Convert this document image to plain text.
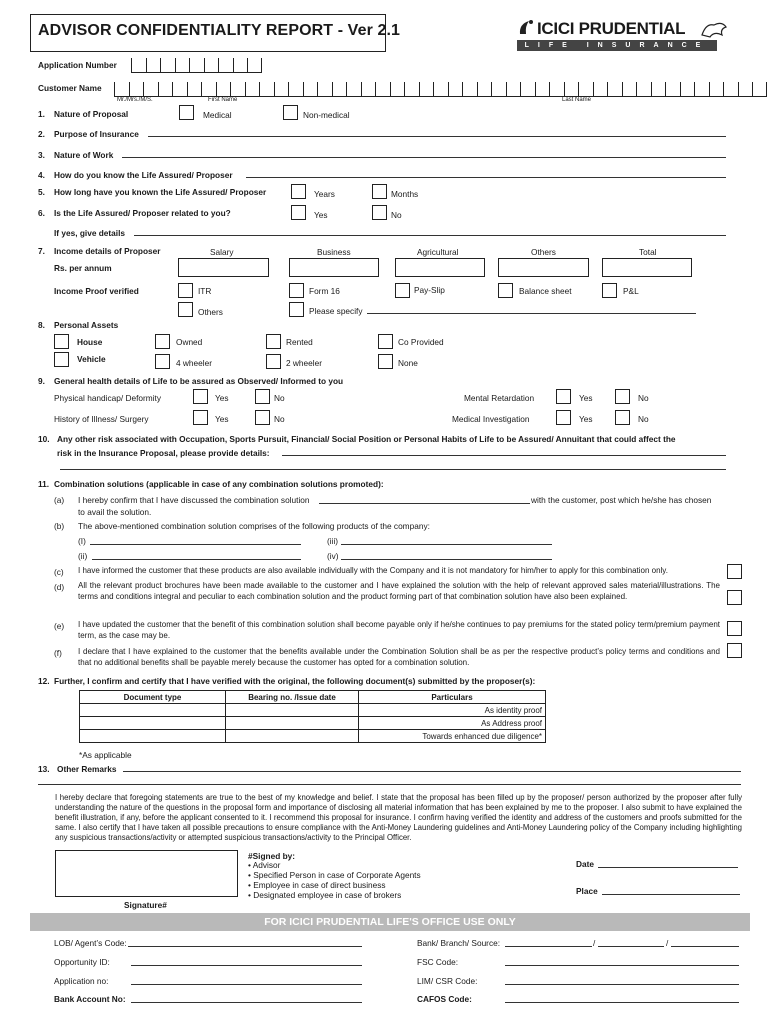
ADVISOR CONFIDENTIALITY REPORT - Ver 2.1	ICICI PRUDENTIAL
LIFE INSURANCE
Application Number
Customer Name
Mr./Mrs./M/S.	First Name	Last Name
1. Nature of Proposal	Medical	Non-medical
2. Purpose of Insurance
3. Nature of Work
4. How do you know the Life Assured/ Proposer
5. How long have you known the Life Assured/ Proposer	Years	Months
6. Is the Life Assured/ Proposer related to you?	Yes	No
If yes, give details
7. Income details of Proposer	Salary	Business	Agricultural	Others	Total
Rs. per annum
Income Proof verified	ITR	Form 16	Pay-Slip	Balance sheet	P&L
Others	Please specify
8. Personal Assets
House	Owned	Rented	Co Provided
Vehicle	4 wheeler	2 wheeler	None
9. General health details of Life to be assured as Observed/ Informed to you
Physical handicap/ Deformity	Yes	No	Mental Retardation	Yes	No
History of Illness/ Surgery	Yes	No	Medical Investigation	Yes	No
10. Any other risk associated with Occupation, Sports Pursuit, Financial/ Social Position or Personal Habits of Life to be Assured/ Annuitant that could affect the
risk in the Insurance Proposal, please provide details:
11. Combination solutions (applicable in case of any combination solutions promoted):
(a) I hereby confirm that I have discussed the combination solution	with the customer, post which he/she has chosen
to avail the solution.
(b) The above-mentioned combination solution comprises of the following products of the company:
(I)	(iii)
(ii)	(iv)
(c) I have informed the customer that these products are also available individually with the Company and it is not mandatory for him/her to apply for this combination only.
(d) All the relevant product brochures have been made available to the customer and I have explained the solution with the help of relevant approved sales material/illustrations. The terms and conditions integral and peculiar to each combination solution and the product forming part of that combination solution have also been explained.
(e) I have updated the customer that the benefit of this combination solution shall become payable only if he/she continues to pay premiums for the stated policy term/premium payment term, as the case may be.
(f) I declare that I have explained to the customer that the benefits available under the Combination Solution shall be as per the respective product’s policy terms and conditions and that no additional benefits shall be payable merely because the customer has opted for a combination solution.
12. Further, I confirm and certify that I have verified with the original, the following document(s) submitted by the proposer(s):
Document type	Bearing no. /Issue date	Particulars
		As identity proof
		As Address proof
		Towards enhanced due diligence*
*As applicable
13. Other Remarks
I hereby declare that foregoing statements are true to the best of my knowledge and belief. I state that the proposal has been filled up by the proposer/ person authorized by the proposer after fully understanding the nature of the questions in the proposal form and importance of disclosing all material information that has been explained by me to the proposer. I also submit to have explained the benefit illustration, if any, before the applicant consented to it. I recommend this proposal for insurance. I confirm having verified the identity and address of the customers and proofs submitted for the same. I also certify that I have taken all possible precautions to ensure compliance with the Anti-Money Laundering guidelines and Anti-Money Laundering policy of the Company including highlighting any suspicious transactions/activity or attempted suspicious transactions/activity to the Principal Officer.
Signature#
#Signed by:
• Advisor
• Specified Person in case of Corporate Agents
• Employee in case of direct business
• Designated employee in case of brokers
Date
Place
FOR ICICI PRUDENTIAL LIFE'S OFFICE USE ONLY
LOB/ Agent’s Code:
Opportunity ID:
Application no:
Bank Account No:
Bank/ Branch/ Source:	/	/
FSC Code:
LIM/ CSR Code:
CAFOS Code:
